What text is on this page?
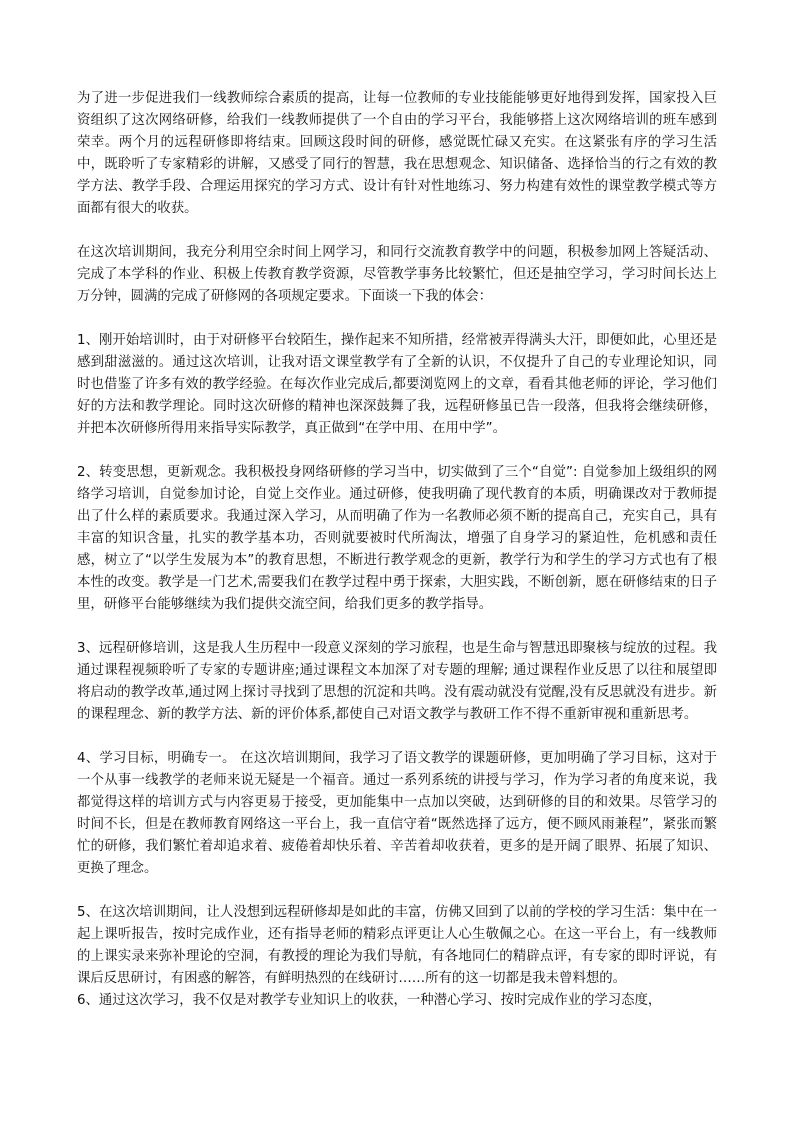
为了进一步促进我们一线教师综合素质的提高，让每一位教师的专业技能能够更好地得到发挥，国家投入巨资组织了这次网络研修，给我们一线教师提供了一个自由的学习平台，我能够搭上这次网络培训的班车感到荣幸。两个月的远程研修即将结束。回顾这段时间的研修，感觉既忙碌又充实。在这紧张有序的学习生活中，既聆听了专家精彩的讲解，又感受了同行的智慧，我在思想观念、知识储备、选择恰当的行之有效的教学方法、教学手段、合理运用探究的学习方式、设计有针对性地练习、努力构建有效性的课堂教学模式等方面都有很大的收获。

在这次培训期间，我充分利用空余时间上网学习，和同行交流教育教学中的问题，积极参加网上答疑活动、完成了本学科的作业、积极上传教育教学资源，尽管教学事务比较繁忙，但还是抽空学习，学习时间长达上万分钟，圆满的完成了研修网的各项规定要求。下面谈一下我的体会：

1、刚开始培训时，由于对研修平台较陌生，操作起来不知所措，经常被弄得满头大汗，即便如此，心里还是感到甜滋滋的。通过这次培训，让我对语文课堂教学有了全新的认识，不仅提升了自己的专业理论知识，同时也借鉴了许多有效的教学经验。在每次作业完成后,都要浏览网上的文章，看看其他老师的评论，学习他们好的方法和教学理论。同时这次研修的精神也深深鼓舞了我，远程研修虽已告一段落，但我将会继续研修，并把本次研修所得用来指导实际教学，真正做到“在学中用、在用中学”。

2、转变思想，更新观念。我积极投身网络研修的学习当中，切实做到了三个“自觉”: 自觉参加上级组织的网络学习培训，自觉参加讨论，自觉上交作业。通过研修，使我明确了现代教育的本质，明确课改对于教师提出了什么样的素质要求。我通过深入学习，从而明确了作为一名教师必须不断的提高自己，充实自己，具有丰富的知识含量，扎实的教学基本功，否则就要被时代所淘汰，增强了自身学习的紧迫性，危机感和责任感，树立了“以学生发展为本”的教育思想，不断进行教学观念的更新，教学行为和学生的学习方式也有了根本性的改变。教学是一门艺术,需要我们在教学过程中勇于探索，大胆实践，不断创新，愿在研修结束的日子里，研修平台能够继续为我们提供交流空间，给我们更多的教学指导。

3、远程研修培训，这是我人生历程中一段意义深刻的学习旅程，也是生命与智慧迅即聚核与绽放的过程。我通过课程视频聆听了专家的专题讲座;通过课程文本加深了对专题的理解; 通过课程作业反思了以往和展望即将启动的教学改革,通过网上探讨寻找到了思想的沉淀和共鸣。没有震动就没有觉醒,没有反思就没有进步。新的课程理念、新的教学方法、新的评价体系,都使自己对语文教学与教研工作不得不重新审视和重新思考。

4、学习目标，明确专一。 在这次培训期间，我学习了语文教学的课题研修，更加明确了学习目标，这对于一个从事一线教学的老师来说无疑是一个福音。通过一系列系统的讲授与学习，作为学习者的角度来说，我都觉得这样的培训方式与内容更易于接受，更加能集中一点加以突破，达到研修的目的和效果。尽管学习的时间不长，但是在教师教育网络这一平台上，我一直信守着“既然选择了远方，便不顾风雨兼程”，紧张而繁忙的研修，我们繁忙着却追求着、疲倦着却快乐着、辛苦着却收获着，更多的是开阔了眼界、拓展了知识、更换了理念。

5、在这次培训期间，让人没想到远程研修却是如此的丰富，仿佛又回到了以前的学校的学习生活：集中在一起上课听报告，按时完成作业，还有指导老师的精彩点评更让人心生敬佩之心。在这一平台上，有一线教师的上课实录来弥补理论的空洞，有教授的理论为我们导航，有各地同仁的精辟点评，有专家的即时评说，有课后反思研讨，有困惑的解答，有鲜明热烈的在线研讨……所有的这一切都是我未曾料想的。

6、通过这次学习，我不仅是对教学专业知识上的收获，一种潜心学习、按时完成作业的学习态度，
